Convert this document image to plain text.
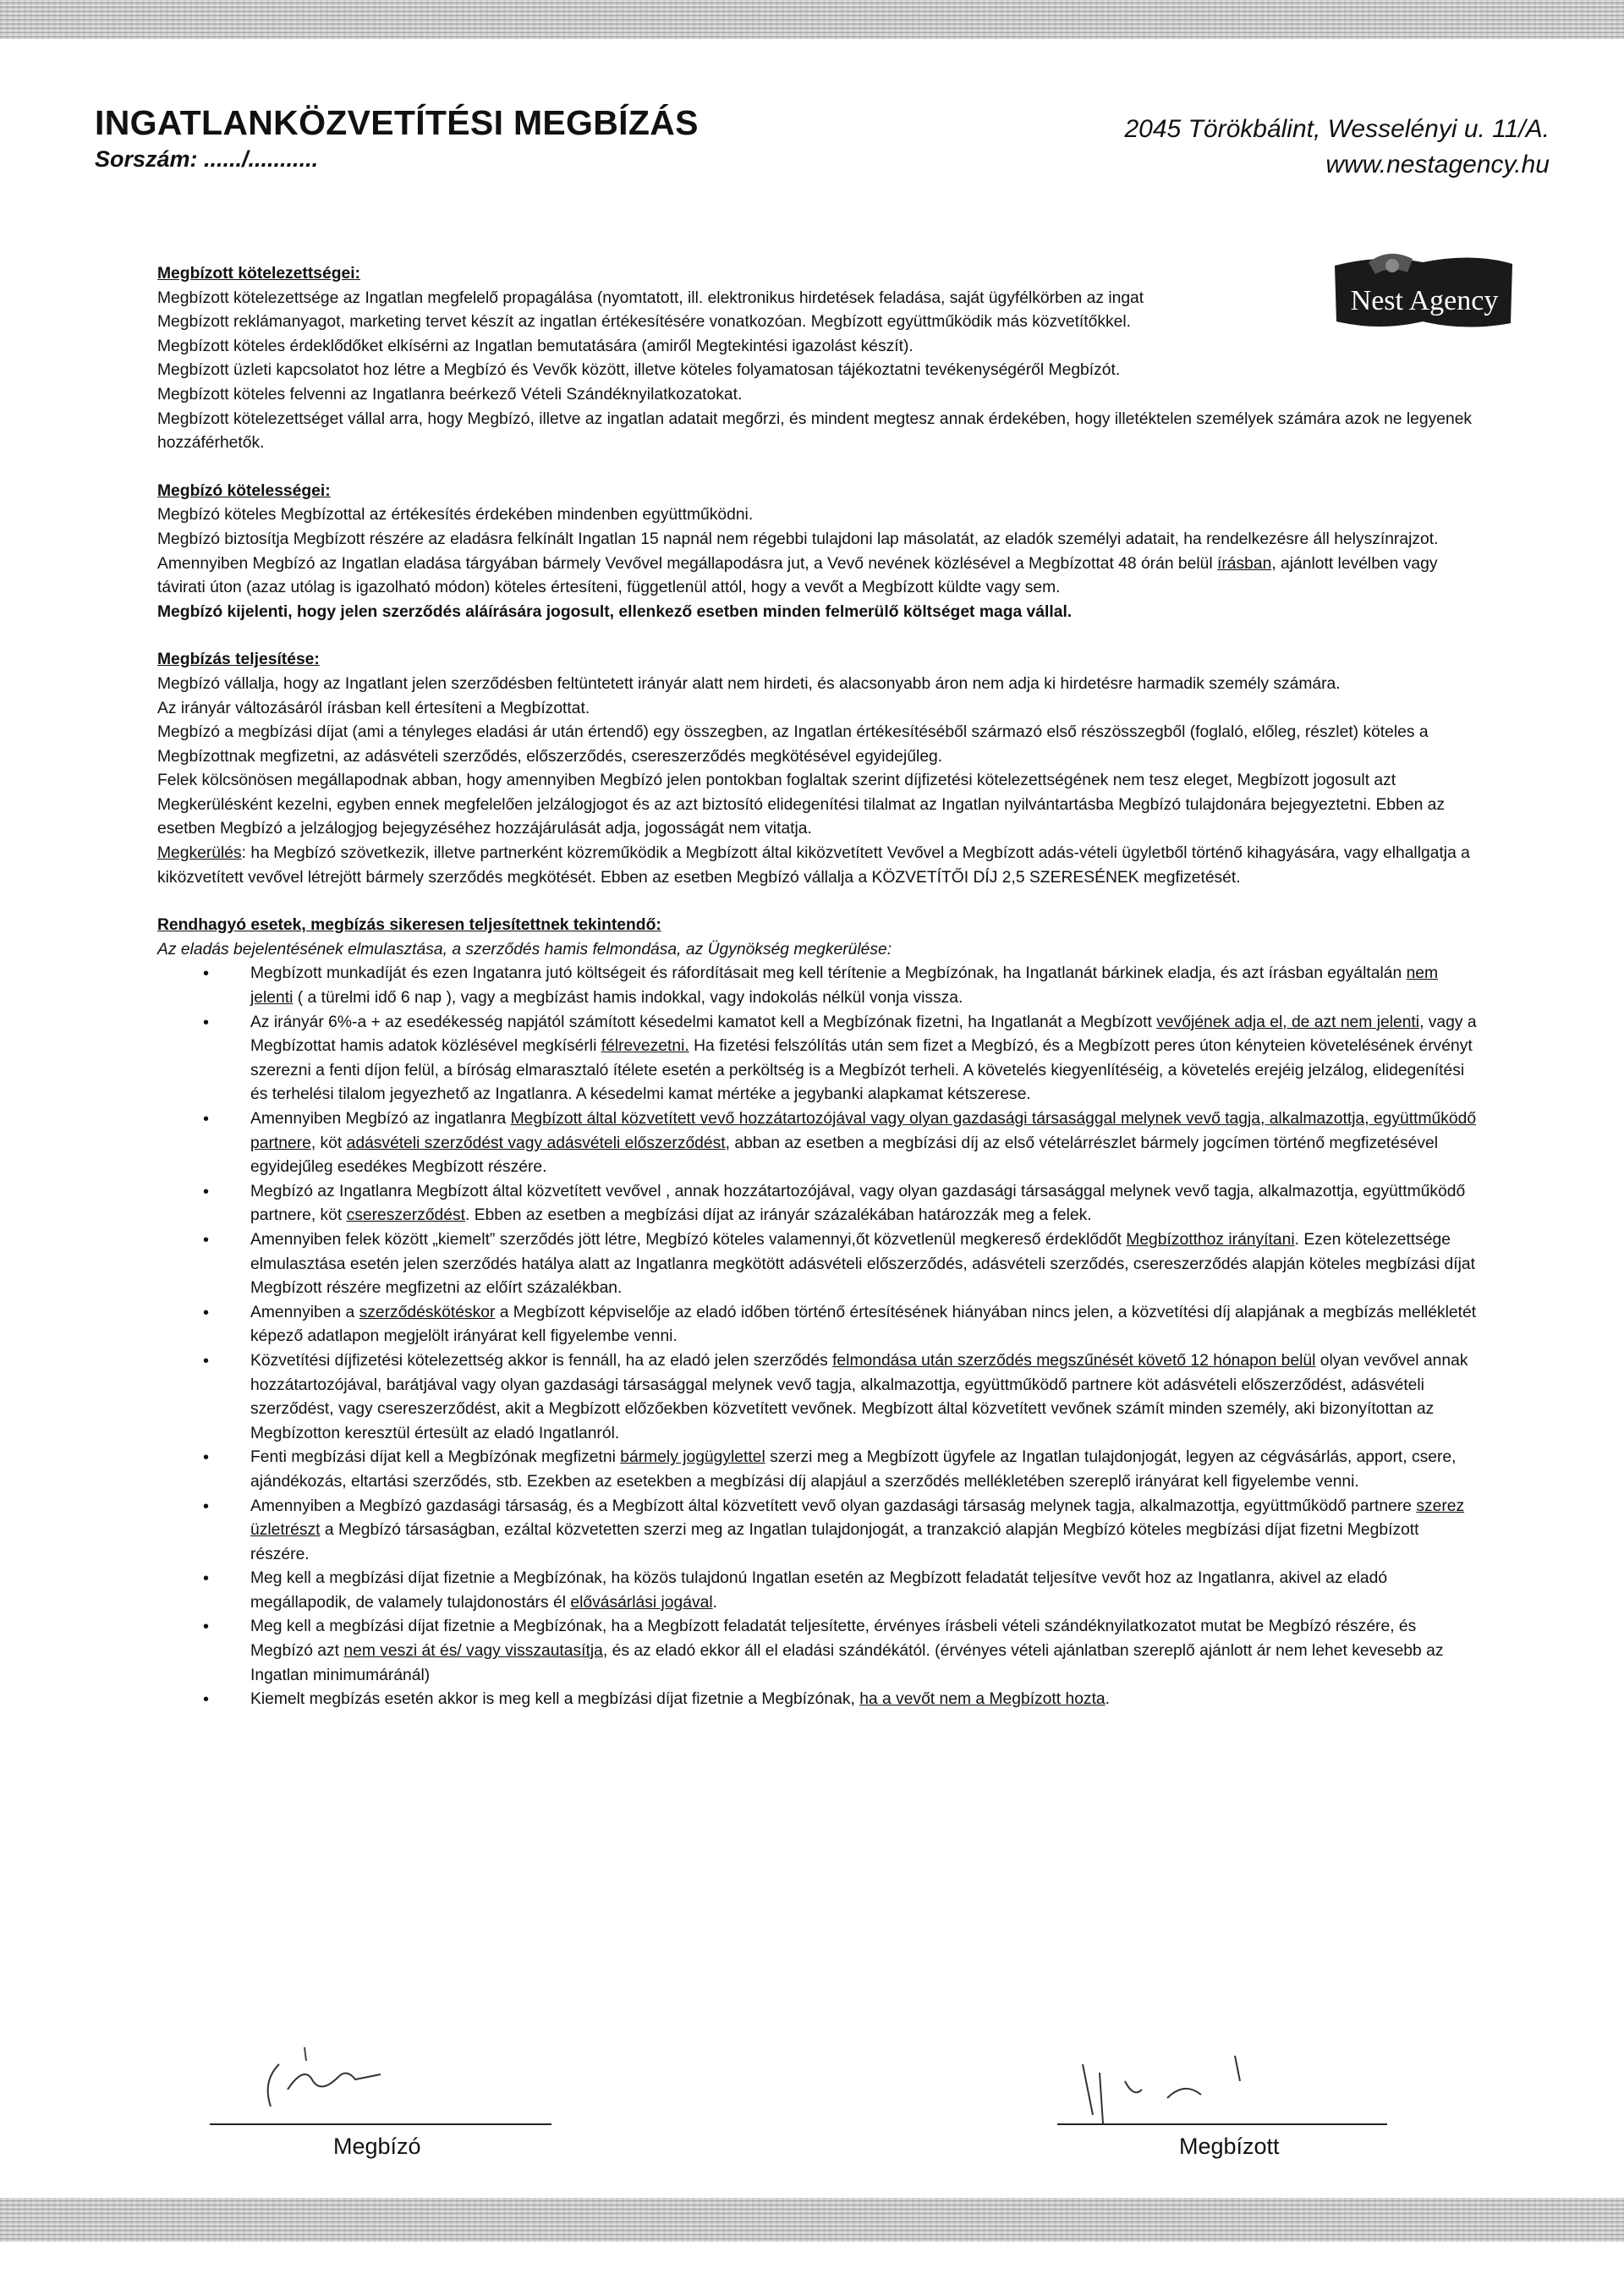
INGATLANKÖZVETÍTÉSI MEGBÍZÁS
Sorszám: ....../...........
2045 Törökbálint, Wesselényi u. 11/A.
www.nestagency.hu
Nest Agency
Megbízott kötelezettségei:

Megbízott kötelezettsége az Ingatlan megfelelő propagálása (nyomtatott, ill. elektronikus hirdetések feladása, saját ügyfélkörben az ingat

Megbízott reklámanyagot, marketing tervet készít az ingatlan értékesítésére vonatkozóan. Megbízott együttműködik más közvetítőkkel.

Megbízott köteles érdeklődőket elkísérni az Ingatlan bemutatására (amiről Megtekintési igazolást készít).

Megbízott üzleti kapcsolatot hoz létre a Megbízó és Vevők között, illetve köteles folyamatosan tájékoztatni tevékenységéről Megbízót.

Megbízott köteles felvenni az Ingatlanra beérkező Vételi Szándéknyilatkozatokat.

Megbízott kötelezettséget vállal arra, hogy Megbízó, illetve az ingatlan adatait megőrzi, és mindent megtesz annak érdekében, hogy illetéktelen személyek számára azok ne legyenek hozzáférhetők.

Megbízó kötelességei:

Megbízó köteles Megbízottal az értékesítés érdekében mindenben együttműködni.

Megbízó biztosítja Megbízott részére az eladásra felkínált Ingatlan 15 napnál nem régebbi tulajdoni lap másolatát, az eladók személyi adatait, ha rendelkezésre áll helyszínrajzot.

Amennyiben Megbízó az Ingatlan eladása tárgyában bármely Vevővel megállapodásra jut, a Vevő nevének közlésével a Megbízottat 48 órán belül írásban, ajánlott levélben vagy távirati úton (azaz utólag is igazolható módon) köteles értesíteni, függetlenül attól, hogy a vevőt a Megbízott küldte vagy sem.

Megbízó kijelenti, hogy jelen szerződés aláírására jogosult, ellenkező esetben minden felmerülő költséget maga vállal.

Megbízás teljesítése:

Megbízó vállalja, hogy az Ingatlant jelen szerződésben feltüntetett irányár alatt nem hirdeti, és alacsonyabb áron nem adja ki hirdetésre harmadik személy számára.

Az irányár változásáról írásban kell értesíteni a Megbízottat.

Megbízó a megbízási díjat (ami a tényleges eladási ár után értendő) egy összegben, az Ingatlan értékesítéséből származó első részösszegből (foglaló, előleg, részlet) köteles a Megbízottnak megfizetni, az adásvételi szerződés, előszerződés, csereszerződés megkötésével egyidejűleg.

Felek kölcsönösen megállapodnak abban, hogy amennyiben Megbízó jelen pontokban foglaltak szerint díjfizetési kötelezettségének nem tesz eleget, Megbízott jogosult azt Megkerülésként kezelni, egyben ennek megfelelően jelzálogjogot és az azt biztosító elidegenítési tilalmat az Ingatlan nyilvántartásba Megbízó tulajdonára bejegyeztetni. Ebben az esetben Megbízó a jelzálogjog bejegyzéséhez hozzájárulását adja, jogosságát nem vitatja.

Megkerülés: ha Megbízó szövetkezik, illetve partnerként közreműködik a Megbízott által kiközvetített Vevővel a Megbízott adás-vételi ügyletből történő kihagyására, vagy elhallgatja a kiközvetített vevővel létrejött bármely szerződés megkötését. Ebben az esetben Megbízó vállalja a KÖZVETÍTŐI DÍJ 2,5 SZERESÉNEK megfizetését.

Rendhagyó esetek, megbízás sikeresen teljesítettnek tekintendő:

Az eladás bejelentésének elmulasztása, a szerződés hamis felmondása, az Ügynökség megkerülése:

• Megbízott munkadíját és ezen Ingatanra jutó költségeit és ráfordításait meg kell térítenie a Megbízónak, ha Ingatlanát bárkinek eladja, és azt írásban egyáltalán nem jelenti ( a türelmi idő 6 nap ), vagy a megbízást hamis indokkal, vagy indokolás nélkül vonja vissza.
• Az irányár 6%-a + az esedékesség napjától számított késedelmi kamatot kell a Megbízónak fizetni, ha Ingatlanát a Megbízott vevőjének adja el, de azt nem jelenti, vagy a Megbízottat hamis adatok közlésével megkísérli félrevezetni. Ha fizetési felszólítás után sem fizet a Megbízó, és a Megbízott peres úton kényteien követelésének érvényt szerezni a fenti díjon felül, a bíróság elmarasztaló ítélete esetén a perköltség is a Megbízót terheli. A követelés kiegyenlítéséig, a követelés erejéig jelzálog, elidegenítési és terhelési tilalom jegyezhető az Ingatlanra. A késedelmi kamat mértéke a jegybanki alapkamat kétszerese.
• Amennyiben Megbízó az ingatlanra Megbízott által közvetített vevő hozzátartozójával vagy olyan gazdasági társasággal melynek vevő tagja, alkalmazottja, együttműködő partnere, köt adásvételi szerződést vagy adásvételi előszerződést, abban az esetben a megbízási díj az első vételárrészlet bármely jogcímen történő megfizetésével egyidejűleg esedékes Megbízott részére.
• Megbízó az Ingatlanra Megbízott által közvetített vevővel , annak hozzátartozójával, vagy olyan gazdasági társasággal melynek vevő tagja, alkalmazottja, együttműködő partnere, köt csereszerződést. Ebben az esetben a megbízási díjat az irányár százalékában határozzák meg a felek.
• Amennyiben felek között „kiemelt” szerződés jött létre, Megbízó köteles valamennyi,őt közvetlenül megkereső érdeklődőt Megbízotthoz irányítani. Ezen kötelezettsége elmulasztása esetén jelen szerződés hatálya alatt az Ingatlanra megkötött adásvételi előszerződés, adásvételi szerződés, csereszerződés alapján köteles megbízási díjat Megbízott részére megfizetni az előírt százalékban.
• Amennyiben a szerződéskötéskor a Megbízott képviselője az eladó időben történő értesítésének hiányában nincs jelen, a közvetítési díj alapjának a megbízás mellékletét képező adatlapon megjelölt irányárat kell figyelembe venni.
• Közvetítési díjfizetési kötelezettség akkor is fennáll, ha az eladó jelen szerződés felmondása után szerződés megszűnését követő 12 hónapon belül olyan vevővel annak hozzátartozójával, barátjával vagy olyan gazdasági társasággal melynek vevő tagja, alkalmazottja, együttműködő partnere köt adásvételi előszerződést, adásvételi szerződést, vagy csereszerződést, akit a Megbízott előzőekben közvetített vevőnek. Megbízott által közvetített vevőnek számít minden személy, aki bizonyítottan az Megbízotton keresztül értesült az eladó Ingatlanról.
• Fenti megbízási díjat kell a Megbízónak megfizetni bármely jogügylettel szerzi meg a Megbízott ügyfele az Ingatlan tulajdonjogát, legyen az cégvásárlás, apport, csere, ajándékozás, eltartási szerződés, stb. Ezekben az esetekben a megbízási díj alapjául a szerződés mellékletében szereplő irányárat kell figyelembe venni.
• Amennyiben a Megbízó gazdasági társaság, és a Megbízott által közvetített vevő olyan gazdasági társaság melynek tagja, alkalmazottja, együttműködő partnere szerez üzletrészt a Megbízó társaságban, ezáltal közvetetten szerzi meg az Ingatlan tulajdonjogát, a tranzakció alapján Megbízó köteles megbízási díjat fizetni Megbízott részére.
• Meg kell a megbízási díjat fizetnie a Megbízónak, ha közös tulajdonú Ingatlan esetén az Megbízott feladatát teljesítve vevőt hoz az Ingatlanra, akivel az eladó megállapodik, de valamely tulajdonostárs él elővásárlási jogával.
• Meg kell a megbízási díjat fizetnie a Megbízónak, ha a Megbízott feladatát teljesítette, érvényes írásbeli vételi szándéknyilatkozatot mutat be Megbízó részére, és Megbízó azt nem veszi át és/ vagy visszautasítja, és az eladó ekkor áll el eladási szándékától. (érvényes vételi ajánlatban szereplő ajánlott ár nem lehet kevesebb az Ingatlan minimumáránál)
• Kiemelt megbízás esetén akkor is meg kell a megbízási díjat fizetnie a Megbízónak, ha a vevőt nem a Megbízott hozta.
Megbízó	Megbízott
